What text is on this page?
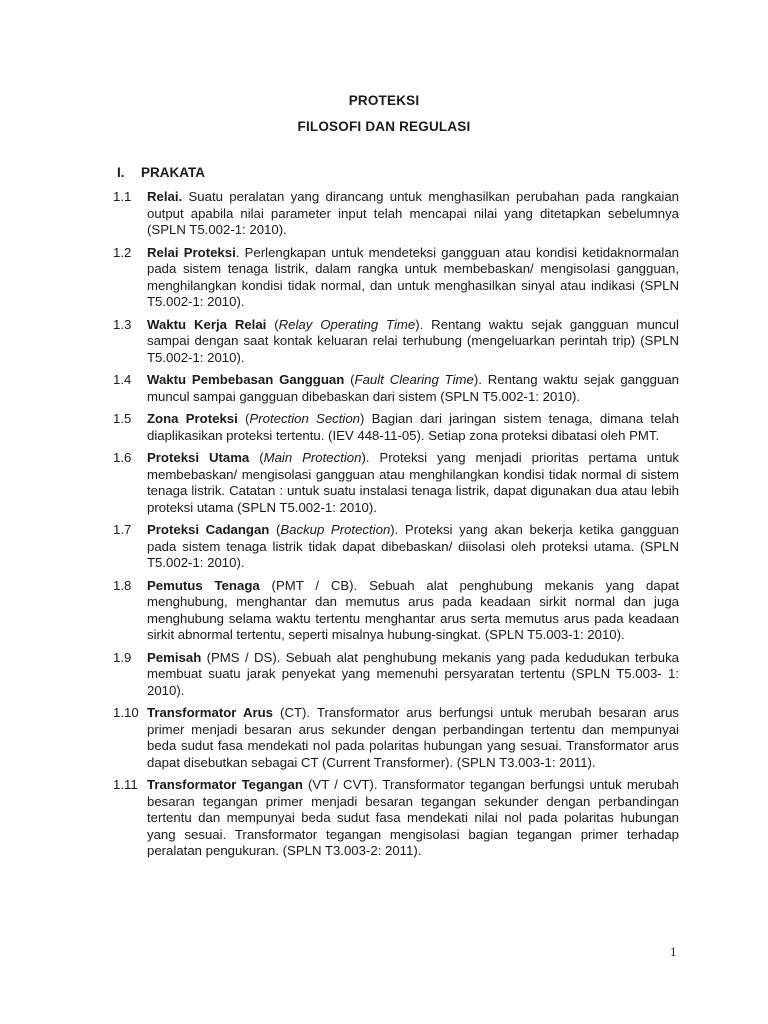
PROTEKSI
FILOSOFI DAN REGULASI
I. PRAKATA
1.1 Relai. Suatu peralatan yang dirancang untuk menghasilkan perubahan pada rangkaian output apabila nilai parameter input telah mencapai nilai yang ditetapkan sebelumnya (SPLN T5.002-1: 2010).
1.2 Relai Proteksi. Perlengkapan untuk mendeteksi gangguan atau kondisi ketidaknormalan pada sistem tenaga listrik, dalam rangka untuk membebaskan/ mengisolasi gangguan, menghilangkan kondisi tidak normal, dan untuk menghasilkan sinyal atau indikasi (SPLN T5.002-1: 2010).
1.3 Waktu Kerja Relai (Relay Operating Time). Rentang waktu sejak gangguan muncul sampai dengan saat kontak keluaran relai terhubung (mengeluarkan perintah trip) (SPLN T5.002-1: 2010).
1.4 Waktu Pembebasan Gangguan (Fault Clearing Time). Rentang waktu sejak gangguan muncul sampai gangguan dibebaskan dari sistem (SPLN T5.002-1: 2010).
1.5 Zona Proteksi (Protection Section) Bagian dari jaringan sistem tenaga, dimana telah diaplikasikan proteksi tertentu. (IEV 448-11-05). Setiap zona proteksi dibatasi oleh PMT.
1.6 Proteksi Utama (Main Protection). Proteksi yang menjadi prioritas pertama untuk membebaskan/ mengisolasi gangguan atau menghilangkan kondisi tidak normal di sistem tenaga listrik. Catatan : untuk suatu instalasi tenaga listrik, dapat digunakan dua atau lebih proteksi utama (SPLN T5.002-1: 2010).
1.7 Proteksi Cadangan (Backup Protection). Proteksi yang akan bekerja ketika gangguan pada sistem tenaga listrik tidak dapat dibebaskan/ diisolasi oleh proteksi utama. (SPLN T5.002-1: 2010).
1.8 Pemutus Tenaga (PMT / CB). Sebuah alat penghubung mekanis yang dapat menghubung, menghantar dan memutus arus pada keadaan sirkit normal dan juga menghubung selama waktu tertentu menghantar arus serta memutus arus pada keadaan sirkit abnormal tertentu, seperti misalnya hubung-singkat. (SPLN T5.003-1: 2010).
1.9 Pemisah (PMS / DS). Sebuah alat penghubung mekanis yang pada kedudukan terbuka membuat suatu jarak penyekat yang memenuhi persyaratan tertentu (SPLN T5.003- 1: 2010).
1.10 Transformator Arus (CT). Transformator arus berfungsi untuk merubah besaran arus primer menjadi besaran arus sekunder dengan perbandingan tertentu dan mempunyai beda sudut fasa mendekati nol pada polaritas hubungan yang sesuai. Transformator arus dapat disebutkan sebagai CT (Current Transformer). (SPLN T3.003-1: 2011).
1.11 Transformator Tegangan (VT / CVT). Transformator tegangan berfungsi untuk merubah besaran tegangan primer menjadi besaran tegangan sekunder dengan perbandingan tertentu dan mempunyai beda sudut fasa mendekati nilai nol pada polaritas hubungan yang sesuai. Transformator tegangan mengisolasi bagian tegangan primer terhadap peralatan pengukuran. (SPLN T3.003-2: 2011).
1
